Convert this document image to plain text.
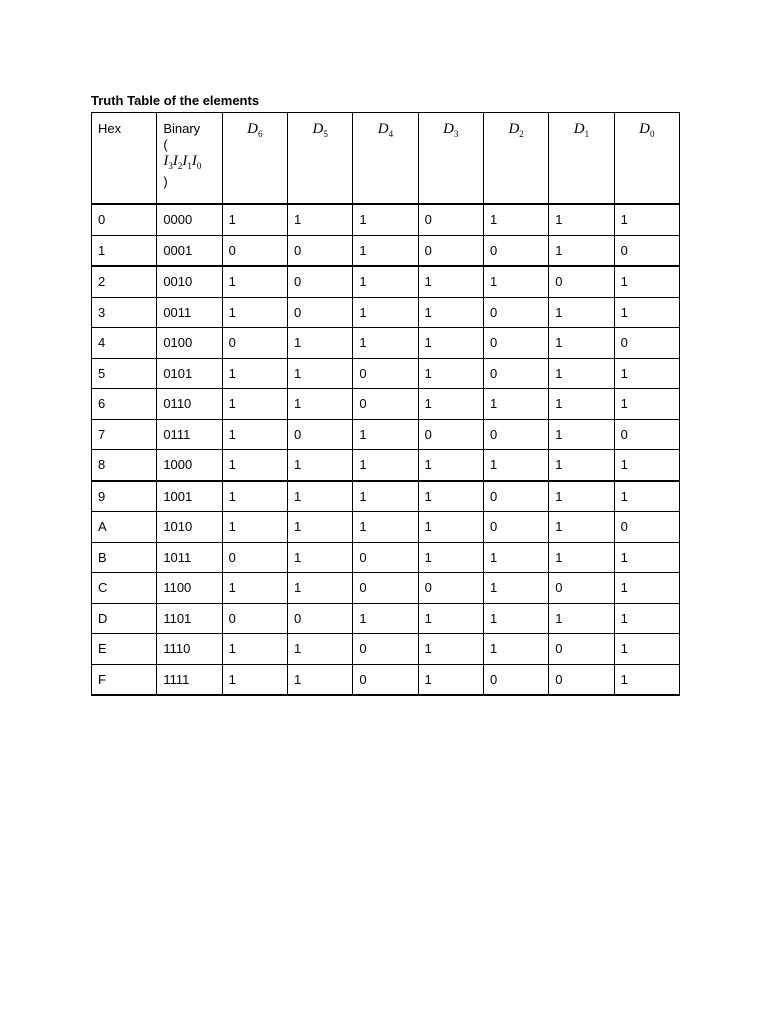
Truth Table of the elements
Hex	Binary
(
$I_3I_2I_1I_0$
)	$D_6$	$D_5$	$D_4$	$D_3$	$D_2$	$D_1$	$D_0$
0	0000	1	1	1	0	1	1	1
1	0001	0	0	1	0	0	1	0
2	0010	1	0	1	1	1	0	1
3	0011	1	0	1	1	0	1	1
4	0100	0	1	1	1	0	1	0
5	0101	1	1	0	1	0	1	1
6	0110	1	1	0	1	1	1	1
7	0111	1	0	1	0	0	1	0
8	1000	1	1	1	1	1	1	1
9	1001	1	1	1	1	0	1	1
A	1010	1	1	1	1	0	1	0
B	1011	0	1	0	1	1	1	1
C	1100	1	1	0	0	1	0	1
D	1101	0	0	1	1	1	1	1
E	1110	1	1	0	1	1	0	1
F	1111	1	1	0	1	0	0	1
